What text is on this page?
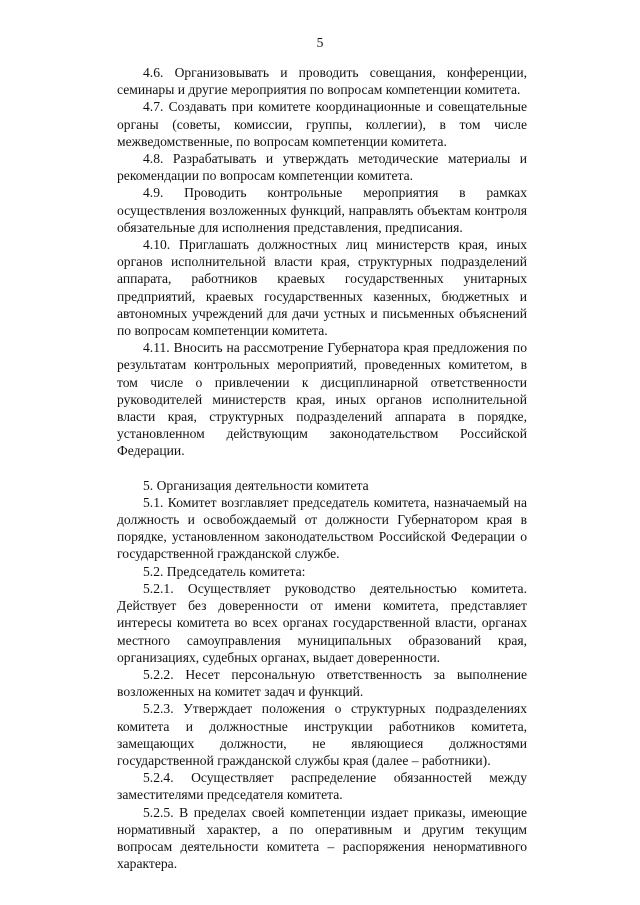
5

4.6. Организовывать и проводить совещания, конференции, семинары и другие мероприятия по вопросам компетенции комитета.

4.7. Создавать при комитете координационные и совещательные органы (советы, комиссии, группы, коллегии), в том числе межведомственные, по вопросам компетенции комитета.

4.8. Разрабатывать и утверждать методические материалы и рекомендации по вопросам компетенции комитета.

4.9. Проводить контрольные мероприятия в рамках осуществления возложенных функций, направлять объектам контроля обязательные для исполнения представления, предписания.

4.10. Приглашать должностных лиц министерств края, иных органов исполнительной власти края, структурных подразделений аппарата, работников краевых государственных унитарных предприятий, краевых государственных казенных, бюджетных и автономных учреждений для дачи устных и письменных объяснений по вопросам компетенции комитета.

4.11. Вносить на рассмотрение Губернатора края предложения по результатам контрольных мероприятий, проведенных комитетом, в том числе о привлечении к дисциплинарной ответственности руководителей министерств края, иных органов исполнительной власти края, структурных подразделений аппарата в порядке, установленном действующим законодательством Российской Федерации.

5. Организация деятельности комитета

5.1. Комитет возглавляет председатель комитета, назначаемый на должность и освобождаемый от должности Губернатором края в порядке, установленном законодательством Российской Федерации о государственной гражданской службе.

5.2. Председатель комитета:

5.2.1. Осуществляет руководство деятельностью комитета. Действует без доверенности от имени комитета, представляет интересы комитета во всех органах государственной власти, органах местного самоуправления муниципальных образований края, организациях, судебных органах, выдает доверенности.

5.2.2. Несет персональную ответственность за выполнение возложенных на комитет задач и функций.

5.2.3. Утверждает положения о структурных подразделениях комитета и должностные инструкции работников комитета, замещающих должности, не являющиеся должностями государственной гражданской службы края (далее – работники).

5.2.4. Осуществляет распределение обязанностей между заместителями председателя комитета.

5.2.5. В пределах своей компетенции издает приказы, имеющие нормативный характер, а по оперативным и другим текущим вопросам деятельности комитета – распоряжения ненормативного характера.
